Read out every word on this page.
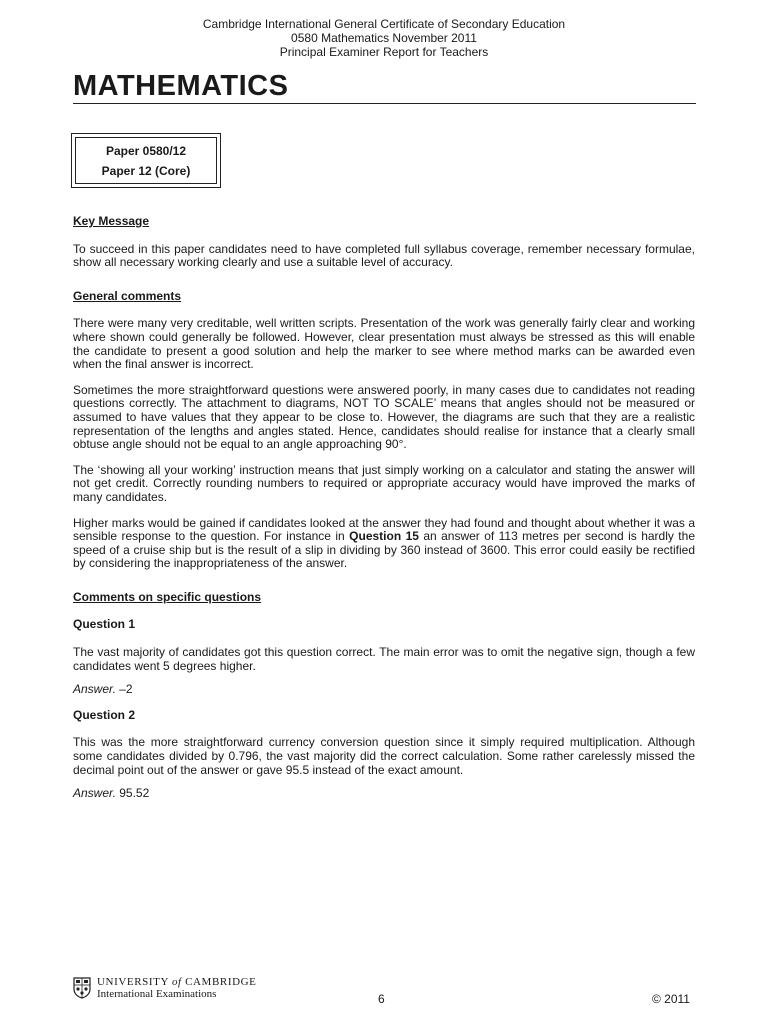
Cambridge International General Certificate of Secondary Education
0580 Mathematics November 2011
Principal Examiner Report for Teachers
MATHEMATICS
Paper 0580/12
Paper 12 (Core)

Key Message

To succeed in this paper candidates need to have completed full syllabus coverage, remember necessary formulae, show all necessary working clearly and use a suitable level of accuracy.

General comments

There were many very creditable, well written scripts. Presentation of the work was generally fairly clear and working where shown could generally be followed. However, clear presentation must always be stressed as this will enable the candidate to present a good solution and help the marker to see where method marks can be awarded even when the final answer is incorrect.

Sometimes the more straightforward questions were answered poorly, in many cases due to candidates not reading questions correctly. The attachment to diagrams, NOT TO SCALE’ means that angles should not be measured or assumed to have values that they appear to be close to. However, the diagrams are such that they are a realistic representation of the lengths and angles stated. Hence, candidates should realise for instance that a clearly small obtuse angle should not be equal to an angle approaching 90°.

The ‘showing all your working’ instruction means that just simply working on a calculator and stating the answer will not get credit. Correctly rounding numbers to required or appropriate accuracy would have improved the marks of many candidates.

Higher marks would be gained if candidates looked at the answer they had found and thought about whether it was a sensible response to the question. For instance in Question 15 an answer of 113 metres per second is hardly the speed of a cruise ship but is the result of a slip in dividing by 360 instead of 3600. This error could easily be rectified by considering the inappropriateness of the answer.

Comments on specific questions

Question 1

The vast majority of candidates got this question correct. The main error was to omit the negative sign, though a few candidates went 5 degrees higher.

Answer. –2

Question 2

This was the more straightforward currency conversion question since it simply required multiplication. Although some candidates divided by 0.796, the vast majority did the correct calculation. Some rather carelessly missed the decimal point out of the answer or gave 95.5 instead of the exact amount.

Answer. 95.52

UNIVERSITY of CAMBRIDGE
International Examinations	6	© 2011
